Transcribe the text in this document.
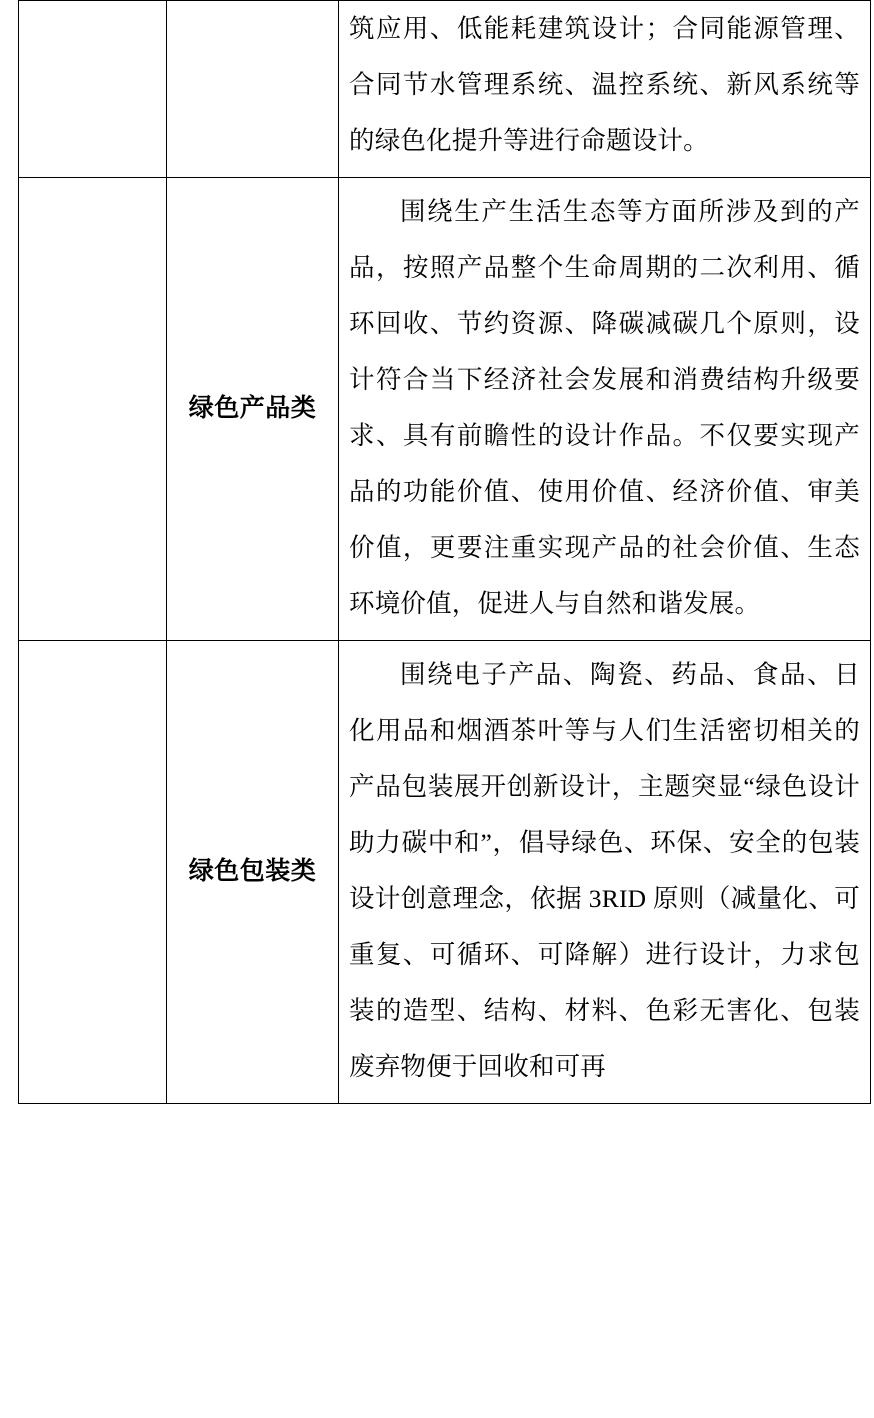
		筑应用、低能耗建筑设计；合同能源管理、合同节水管理系统、温控系统、新风系统等的绿色化提升等进行命题设计。

	绿色产品类	围绕生产生活生态等方面所涉及到的产品，按照产品整个生命周期的二次利用、循环回收、节约资源、降碳减碳几个原则，设计符合当下经济社会发展和消费结构升级要求、具有前瞻性的设计作品。不仅要实现产品的功能价值、使用价值、经济价值、审美价值，更要注重实现产品的社会价值、生态环境价值，促进人与自然和谐发展。

	绿色包装类	围绕电子产品、陶瓷、药品、食品、日化用品和烟酒茶叶等与人们生活密切相关的产品包装展开创新设计，主题突显“绿色设计助力碳中和”，倡导绿色、环保、安全的包装设计创意理念，依据 3RID 原则（减量化、可重复、可循环、可降解）进行设计，力求包装的造型、结构、材料、色彩无害化、包装废弃物便于回收和可再
